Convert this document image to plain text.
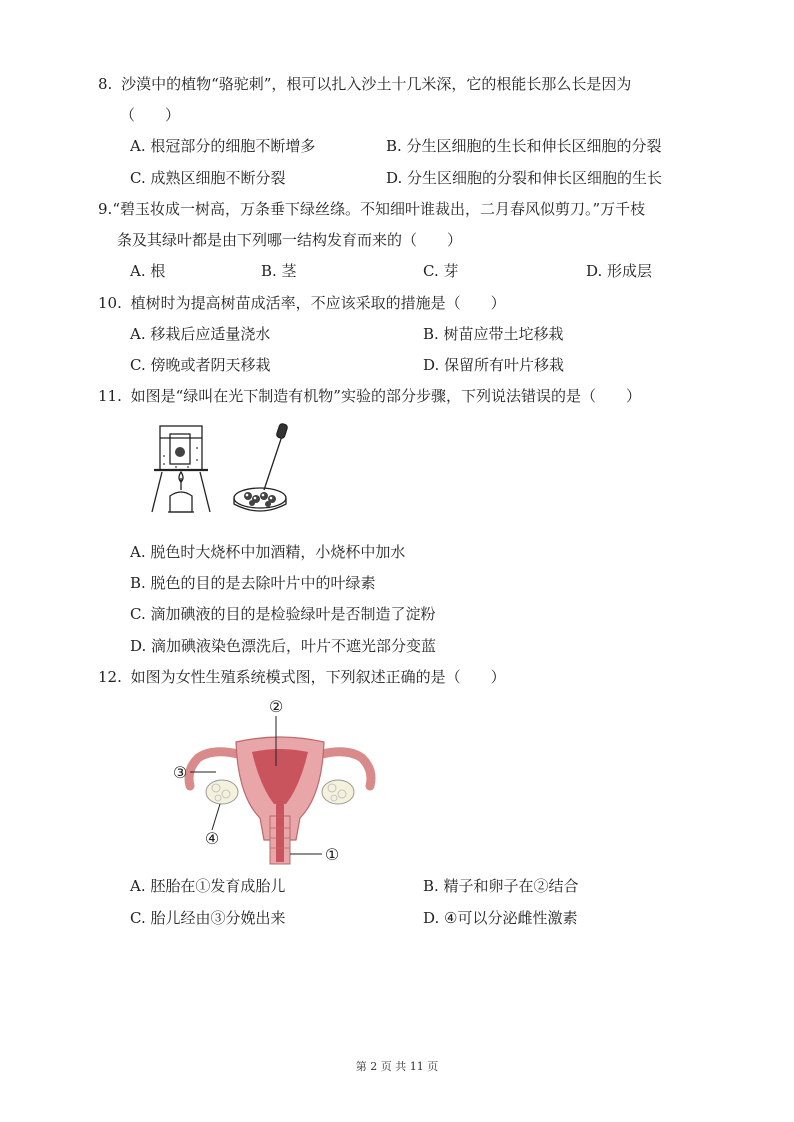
8. 沙漠中的植物“骆驼刺”，根可以扎入沙土十几米深，它的根能长那么长是因为
（　　）
A. 根冠部分的细胞不断增多	B. 分生区细胞的生长和伸长区细胞的分裂
C. 成熟区细胞不断分裂	D. 分生区细胞的分裂和伸长区细胞的生长
9.“碧玉妆成一树高，万条垂下绿丝绦。不知细叶谁裁出，二月春风似剪刀。”万千枝
条及其绿叶都是由下列哪一结构发育而来的（　　）
A. 根	B. 茎	C. 芽	D. 形成层
10. 植树时为提高树苗成活率，不应该采取的措施是（　　）
A. 移栽后应适量浇水	B. 树苗应带土坨移栽
C. 傍晚或者阴天移栽	D. 保留所有叶片移栽
11. 如图是“绿叫在光下制造有机物”实验的部分步骤，下列说法错误的是（　　）
A. 脱色时大烧杯中加酒精，小烧杯中加水
B. 脱色的目的是去除叶片中的叶绿素
C. 滴加碘液的目的是检验绿叶是否制造了淀粉
D. 滴加碘液染色漂洗后，叶片不遮光部分变蓝
12. 如图为女性生殖系统模式图，下列叙述正确的是（　　）
②
③
④
①
A. 胚胎在①发育成胎儿	B. 精子和卵子在②结合
C. 胎儿经由③分娩出来	D. ④可以分泌雌性激素
第 2 页 共 11 页
